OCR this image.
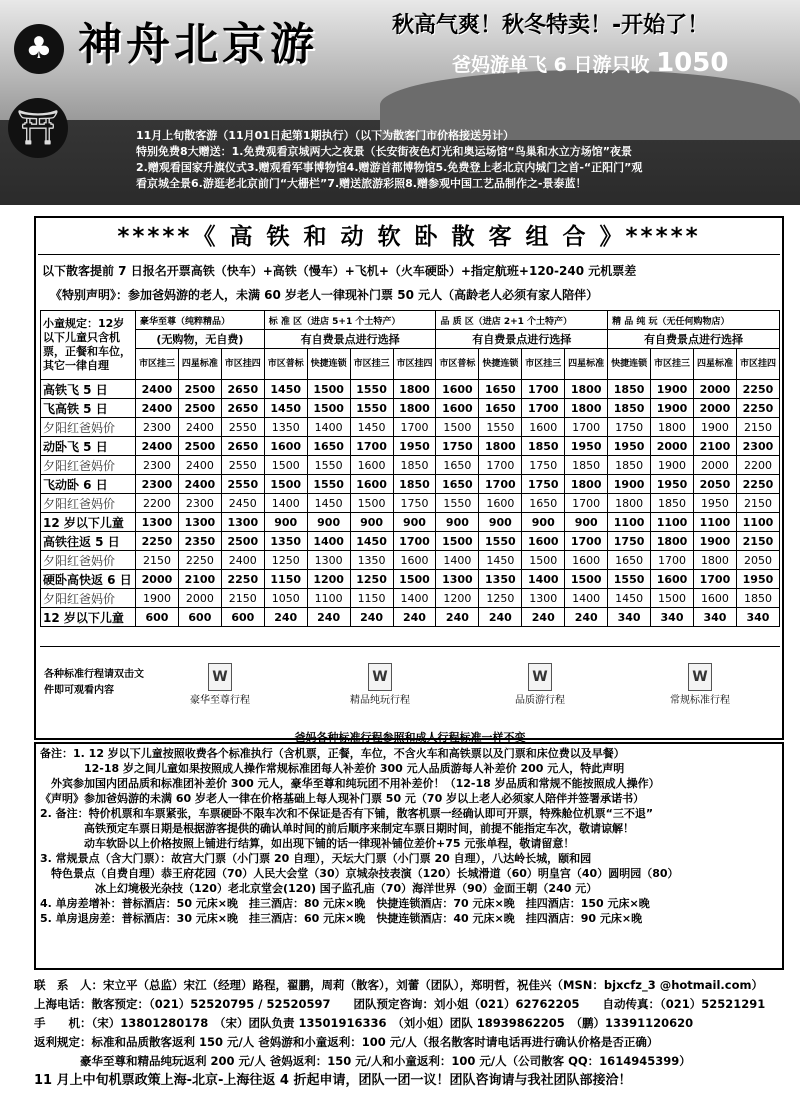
♣
⛩
神舟北京游	秋高气爽！秋冬特卖！-开始了！
爸妈游单飞 6 日游只收 1050
11月上旬散客游（11月01日起第1期执行）（以下为散客门市价格接送另计）
特别免费8大赠送：1.免费观看京城两大之夜景（长安街夜色灯光和奥运场馆“鸟巢和水立方场馆”夜景
2.赠观看国家升旗仪式3.赠观看军事博物馆4.赠游首都博物馆5.免费登上老北京内城门之首-“正阳门”观
看京城全景6.游逛老北京前门“大栅栏”7.赠送旅游彩照8.赠参观中国工艺品制作之-景泰蓝！
*****《 高 铁 和 动 软 卧 散 客 组 合 》*****
以下散客提前 7 日报名开票高铁（快车）+高铁（慢车）+飞机+（火车硬卧）+指定航班+120-240 元机票差
《特别声明》：参加爸妈游的老人，未满 60 岁老人一律现补门票 50 元人（高龄老人必须有家人陪伴）
小童规定：12岁以下儿童只含机票，正餐和车位，其它一律自理	豪华至尊（纯粹精品）			标 准 区（进店 5+1 个土特产）				品 质 区（进店 2+1 个土特产）				精 品 纯 玩（无任何购物店）			
	(无购物，无自费)			有自费景点进行选择				有自费景点进行选择				有自费景点进行选择			
	市区挂三	四星标准	市区挂四	市区普标	快捷连锁	市区挂三	市区挂四	市区普标	快捷连锁	市区挂三	四星标准	快捷连锁	市区挂三	四星标准	市区挂四
高铁飞 5 日	2400	2500	2650	1450	1500	1550	1800	1600	1650	1700	1800	1850	1900	2000	2250
飞高铁 5 日	2400	2500	2650	1450	1500	1550	1800	1600	1650	1700	1800	1850	1900	2000	2250
夕阳红爸妈价	2300	2400	2550	1350	1400	1450	1700	1500	1550	1600	1700	1750	1800	1900	2150
动卧飞 5 日	2400	2500	2650	1600	1650	1700	1950	1750	1800	1850	1950	1950	2000	2100	2300
夕阳红爸妈价	2300	2400	2550	1500	1550	1600	1850	1650	1700	1750	1850	1850	1900	2000	2200
飞动卧 6 日	2300	2400	2550	1500	1550	1600	1850	1650	1700	1750	1800	1900	1950	2050	2250
夕阳红爸妈价	2200	2300	2450	1400	1450	1500	1750	1550	1600	1650	1700	1800	1850	1950	2150
12 岁以下儿童	1300	1300	1300	900	900	900	900	900	900	900	900	1100	1100	1100	1100
高铁往返 5 日	2250	2350	2500	1350	1400	1450	1700	1500	1550	1600	1700	1750	1800	1900	2150
夕阳红爸妈价	2150	2250	2400	1250	1300	1350	1600	1400	1450	1500	1600	1650	1700	1800	2050
硬卧高快返 6 日	2000	2100	2250	1150	1200	1250	1500	1300	1350	1400	1500	1550	1600	1700	1950
夕阳红爸妈价	1900	2000	2150	1050	1100	1150	1400	1200	1250	1300	1400	1450	1500	1600	1850
12 岁以下儿童	600	600	600	240	240	240	240	240	240	240	240	340	340	340	340
各种标准行程请双击文件即可观看内容
W
豪华至尊行程
W
精品纯玩行程
W
品质游行程
W
常规标准行程
爸妈各种标准行程参照和成人行程标准一样不变

备注：1. 12 岁以下儿童按照收费各个标准执行（含机票，正餐，车位，不含火车和高铁票以及门票和床位费以及早餐）

　　　　12-18 岁之间儿童如果按照成人操作常规标准团每人补差价 300 元人品质游每人补差价 200 元人，特此声明

　外宾参加国内团品质和标准团补差价 300 元人，豪华至尊和纯玩团不用补差价！（12-18 岁品质和常规不能按照成人操作）

《声明》参加爸妈游的未满 60 岁老人一律在价格基础上每人现补门票 50 元（70 岁以上老人必须家人陪伴并签署承诺书）

2. 备注：特价机票和车票紧张，车票硬卧不限车次和不保证是否有下铺，散客机票一经确认即可开票，特殊舱位机票“三不退”

　　　　高铁预定车票日期是根据游客提供的确认单时间的前后顺序来制定车票日期时间，前提不能指定车次，敬请谅解！

　　　　动车软卧以上价格按照上铺进行结算，如出现下铺的话一律现补铺位差价+75 元张单程，敬请留意！

3. 常规景点（含大门票）：故宫大门票（小门票 20 自理），天坛大门票（小门票 20 自理），八达岭长城，颐和园

　特色景点（自费自理）恭王府花园（70）人民大会堂（30）京城杂技表演（120）长城滑道（60）明皇宫（40）圆明园（80）

　　　　　冰上幻境极光杂技（120）老北京堂会(120) 国子监孔庙（70）海洋世界（90）金面王朝（240 元）

4. 单房差增补：普标酒店：50 元床×晚　挂三酒店：80 元床×晚　快捷连锁酒店：70 元床×晚　挂四酒店：150 元床×晚

5. 单房退房差：普标酒店：30 元床×晚　挂三酒店：60 元床×晚　快捷连锁酒店：40 元床×晚　挂四酒店：90 元床×晚

联　系　人：宋立平（总监）宋江（经理）路程，翟鹏，周莉（散客），刘蕾（团队），郑明哲，祝佳兴（MSN：bjxcfz_3 @hotmail.com）

上海电话：散客预定：（021）52520795 / 52520597　　团队预定咨询：刘小姐（021）62762205　　自动传真：（021）52521291

手　　机：（宋）13801280178　（宋）团队负责 13501916336　（刘小姐）团队 18939862205　（鹏）13391120620

返利规定：标准和品质散客返利 150 元/人 爸妈游和小童返利：100 元/人（报名散客时请电话再进行确认价格是否正确）

　　　　豪华至尊和精品纯玩返利 200 元/人 爸妈返利：150 元/人和小童返利：100 元/人（公司散客 QQ：1614945399）

11 月上中旬机票政策上海-北京-上海往返 4 折起申请，团队一团一议！团队咨询请与我社团队部接洽！
